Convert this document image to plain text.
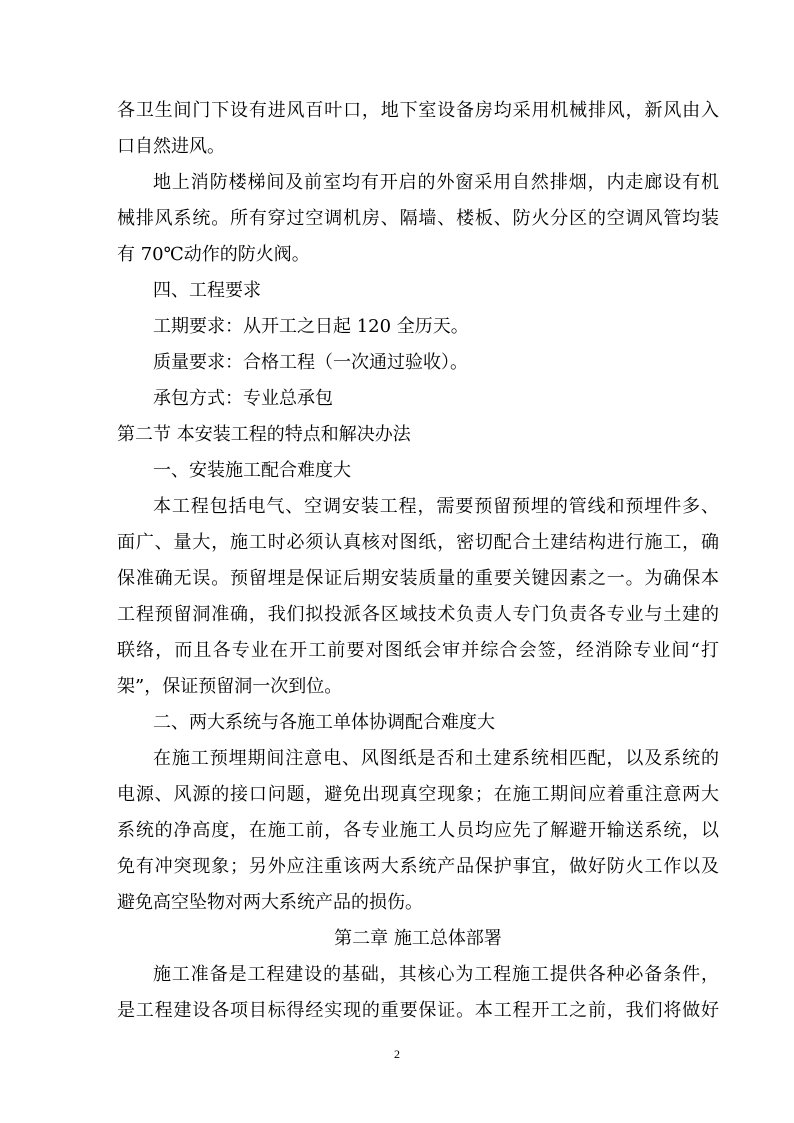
各卫生间门下设有进风百叶口，地下室设备房均采用机械排风，新风由入
口自然进风。
地上消防楼梯间及前室均有开启的外窗采用自然排烟，内走廊设有机
械排风系统。所有穿过空调机房、隔墙、楼板、防火分区的空调风管均装
有 70℃动作的防火阀。
四、工程要求
工期要求：从开工之日起 120 全历天。
质量要求：合格工程（一次通过验收）。
承包方式：专业总承包
第二节 本安装工程的特点和解决办法
一、安装施工配合难度大
本工程包括电气、空调安装工程，需要预留预埋的管线和预埋件多、
面广、量大，施工时必须认真核对图纸，密切配合土建结构进行施工，确
保准确无误。预留埋是保证后期安装质量的重要关键因素之一。为确保本
工程预留洞准确，我们拟投派各区域技术负责人专门负责各专业与土建的
联络，而且各专业在开工前要对图纸会审并综合会签，经消除专业间“打
架”，保证预留洞一次到位。
二、两大系统与各施工单体协调配合难度大
在施工预埋期间注意电、风图纸是否和土建系统相匹配，以及系统的
电源、风源的接口问题，避免出现真空现象；在施工期间应着重注意两大
系统的净高度，在施工前，各专业施工人员均应先了解避开输送系统，以
免有冲突现象；另外应注重该两大系统产品保护事宜，做好防火工作以及
避免高空坠物对两大系统产品的损伤。
第二章 施工总体部署
施工准备是工程建设的基础，其核心为工程施工提供各种必备条件，
是工程建设各项目标得经实现的重要保证。本工程开工之前，我们将做好
2
